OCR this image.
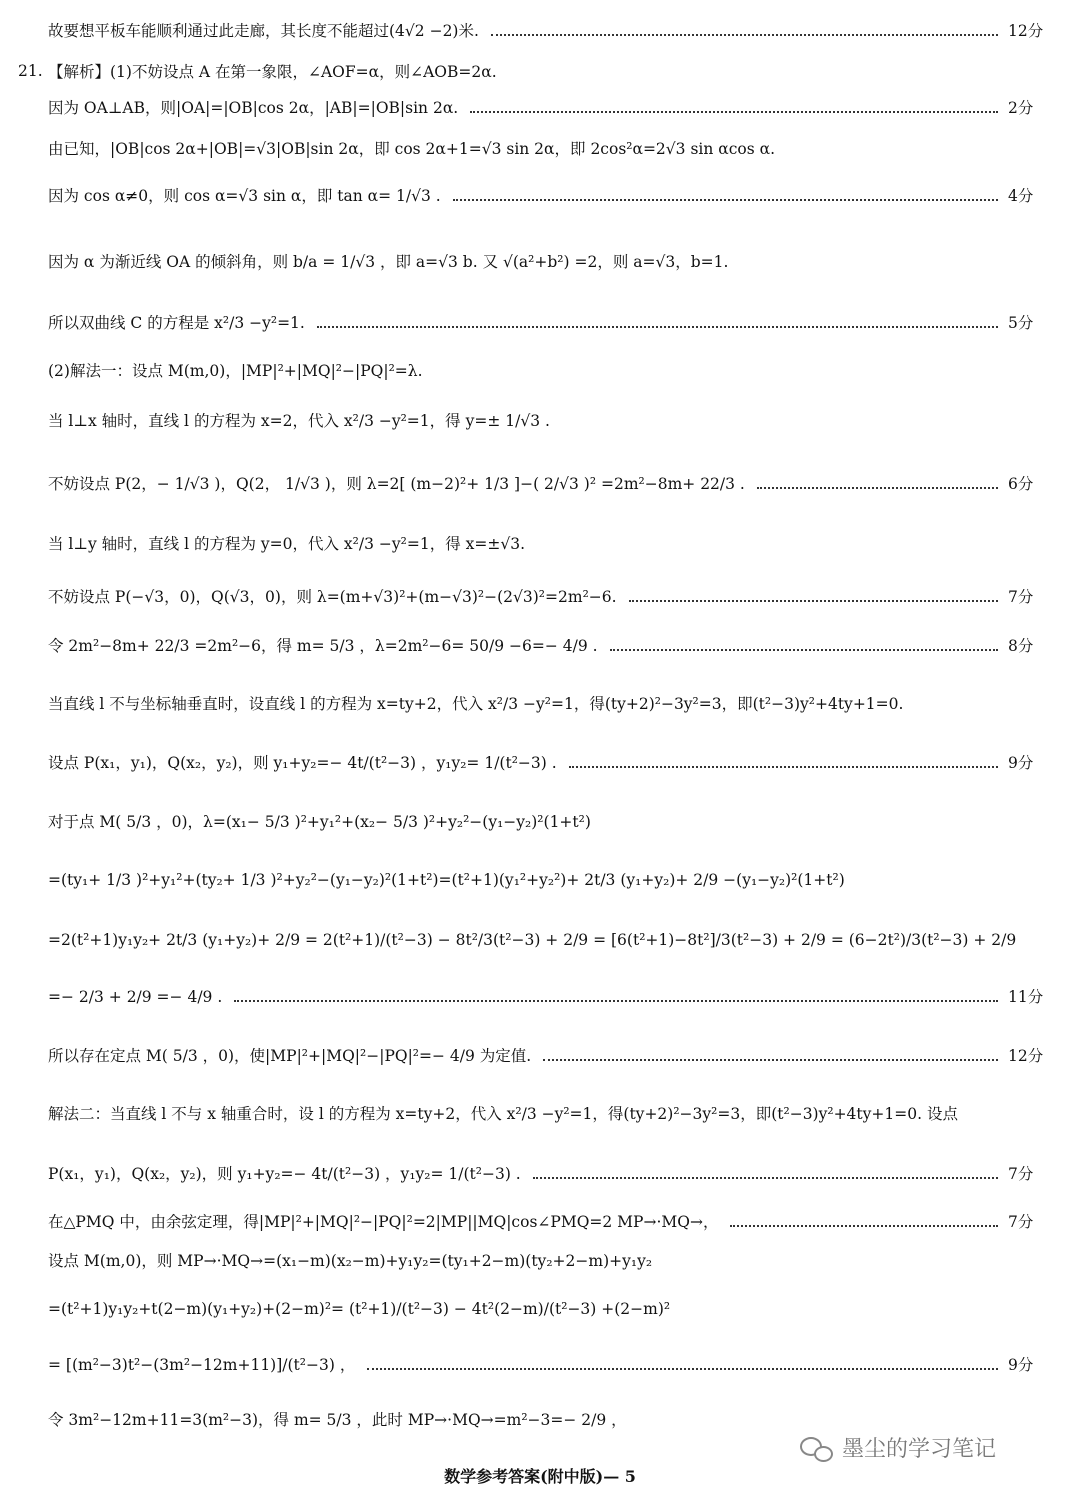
故要想平板车能顺利通过此走廊，其长度不能超过(4√2 −2)米.	12分
【解析】(1)不妨设点 A 在第一象限，∠AOF=α，则∠AOB=2α.
因为 OA⊥AB，则|OA|=|OB|cos 2α，|AB|=|OB|sin 2α.	2分
由已知，|OB|cos 2α+|OB|=√3|OB|sin 2α，即 cos 2α+1=√3 sin 2α，即 2cos²α=2√3 sin αcos α.
因为 cos α≠0，则 cos α=√3 sin α，即 tan α= 1/√3 .	4分
因为 α 为渐近线 OA 的倾斜角，则 b/a = 1/√3 ，即 a=√3 b. 又 √(a²+b²) =2，则 a=√3，b=1.
所以双曲线 C 的方程是 x²/3 −y²=1.	5分
(2)解法一：设点 M(m,0)，|MP|²+|MQ|²−|PQ|²=λ.
当 l⊥x 轴时，直线 l 的方程为 x=2，代入 x²/3 −y²=1，得 y=± 1/√3 .
不妨设点 P(2，− 1/√3 )，Q(2， 1/√3 )，则 λ=2[ (m−2)²+ 1/3 ]−( 2/√3 )² =2m²−8m+ 22/3 .	6分
当 l⊥y 轴时，直线 l 的方程为 y=0，代入 x²/3 −y²=1，得 x=±√3.
不妨设点 P(−√3，0)，Q(√3，0)，则 λ=(m+√3)²+(m−√3)²−(2√3)²=2m²−6.	7分
令 2m²−8m+ 22/3 =2m²−6，得 m= 5/3 ，λ=2m²−6= 50/9 −6=− 4/9 .	8分
当直线 l 不与坐标轴垂直时，设直线 l 的方程为 x=ty+2，代入 x²/3 −y²=1，得(ty+2)²−3y²=3，即(t²−3)y²+4ty+1=0.
设点 P(x₁，y₁)，Q(x₂，y₂)，则 y₁+y₂=− 4t/(t²−3) ，y₁y₂= 1/(t²−3) .	9分
对于点 M( 5/3 ，0)，λ=(x₁− 5/3 )²+y₁²+(x₂− 5/3 )²+y₂²−(y₁−y₂)²(1+t²)
=(ty₁+ 1/3 )²+y₁²+(ty₂+ 1/3 )²+y₂²−(y₁−y₂)²(1+t²)=(t²+1)(y₁²+y₂²)+ 2t/3 (y₁+y₂)+ 2/9 −(y₁−y₂)²(1+t²)
=2(t²+1)y₁y₂+ 2t/3 (y₁+y₂)+ 2/9 = 2(t²+1)/(t²−3) − 8t²/3(t²−3) + 2/9 = [6(t²+1)−8t²]/3(t²−3) + 2/9 = (6−2t²)/3(t²−3) + 2/9
=− 2/3 + 2/9 =− 4/9 .	11分
所以存在定点 M( 5/3 ，0)，使|MP|²+|MQ|²−|PQ|²=− 4/9 为定值.	12分
解法二：当直线 l 不与 x 轴重合时，设 l 的方程为 x=ty+2，代入 x²/3 −y²=1，得(ty+2)²−3y²=3，即(t²−3)y²+4ty+1=0. 设点
P(x₁，y₁)，Q(x₂，y₂)，则 y₁+y₂=− 4t/(t²−3) ，y₁y₂= 1/(t²−3) .	7分
在△PMQ 中，由余弦定理，得|MP|²+|MQ|²−|PQ|²=2|MP||MQ|cos∠PMQ=2 MP→·MQ→，	7分
设点 M(m,0)，则 MP→·MQ→=(x₁−m)(x₂−m)+y₁y₂=(ty₁+2−m)(ty₂+2−m)+y₁y₂
=(t²+1)y₁y₂+t(2−m)(y₁+y₂)+(2−m)²= (t²+1)/(t²−3) − 4t²(2−m)/(t²−3) +(2−m)²
= [(m²−3)t²−(3m²−12m+11)]/(t²−3) ，	9分
令 3m²−12m+11=3(m²−3)，得 m= 5/3 ，此时 MP→·MQ→=m²−3=− 2/9 ，
21.
墨尘的学习笔记
数学参考答案(附中版)— 5
